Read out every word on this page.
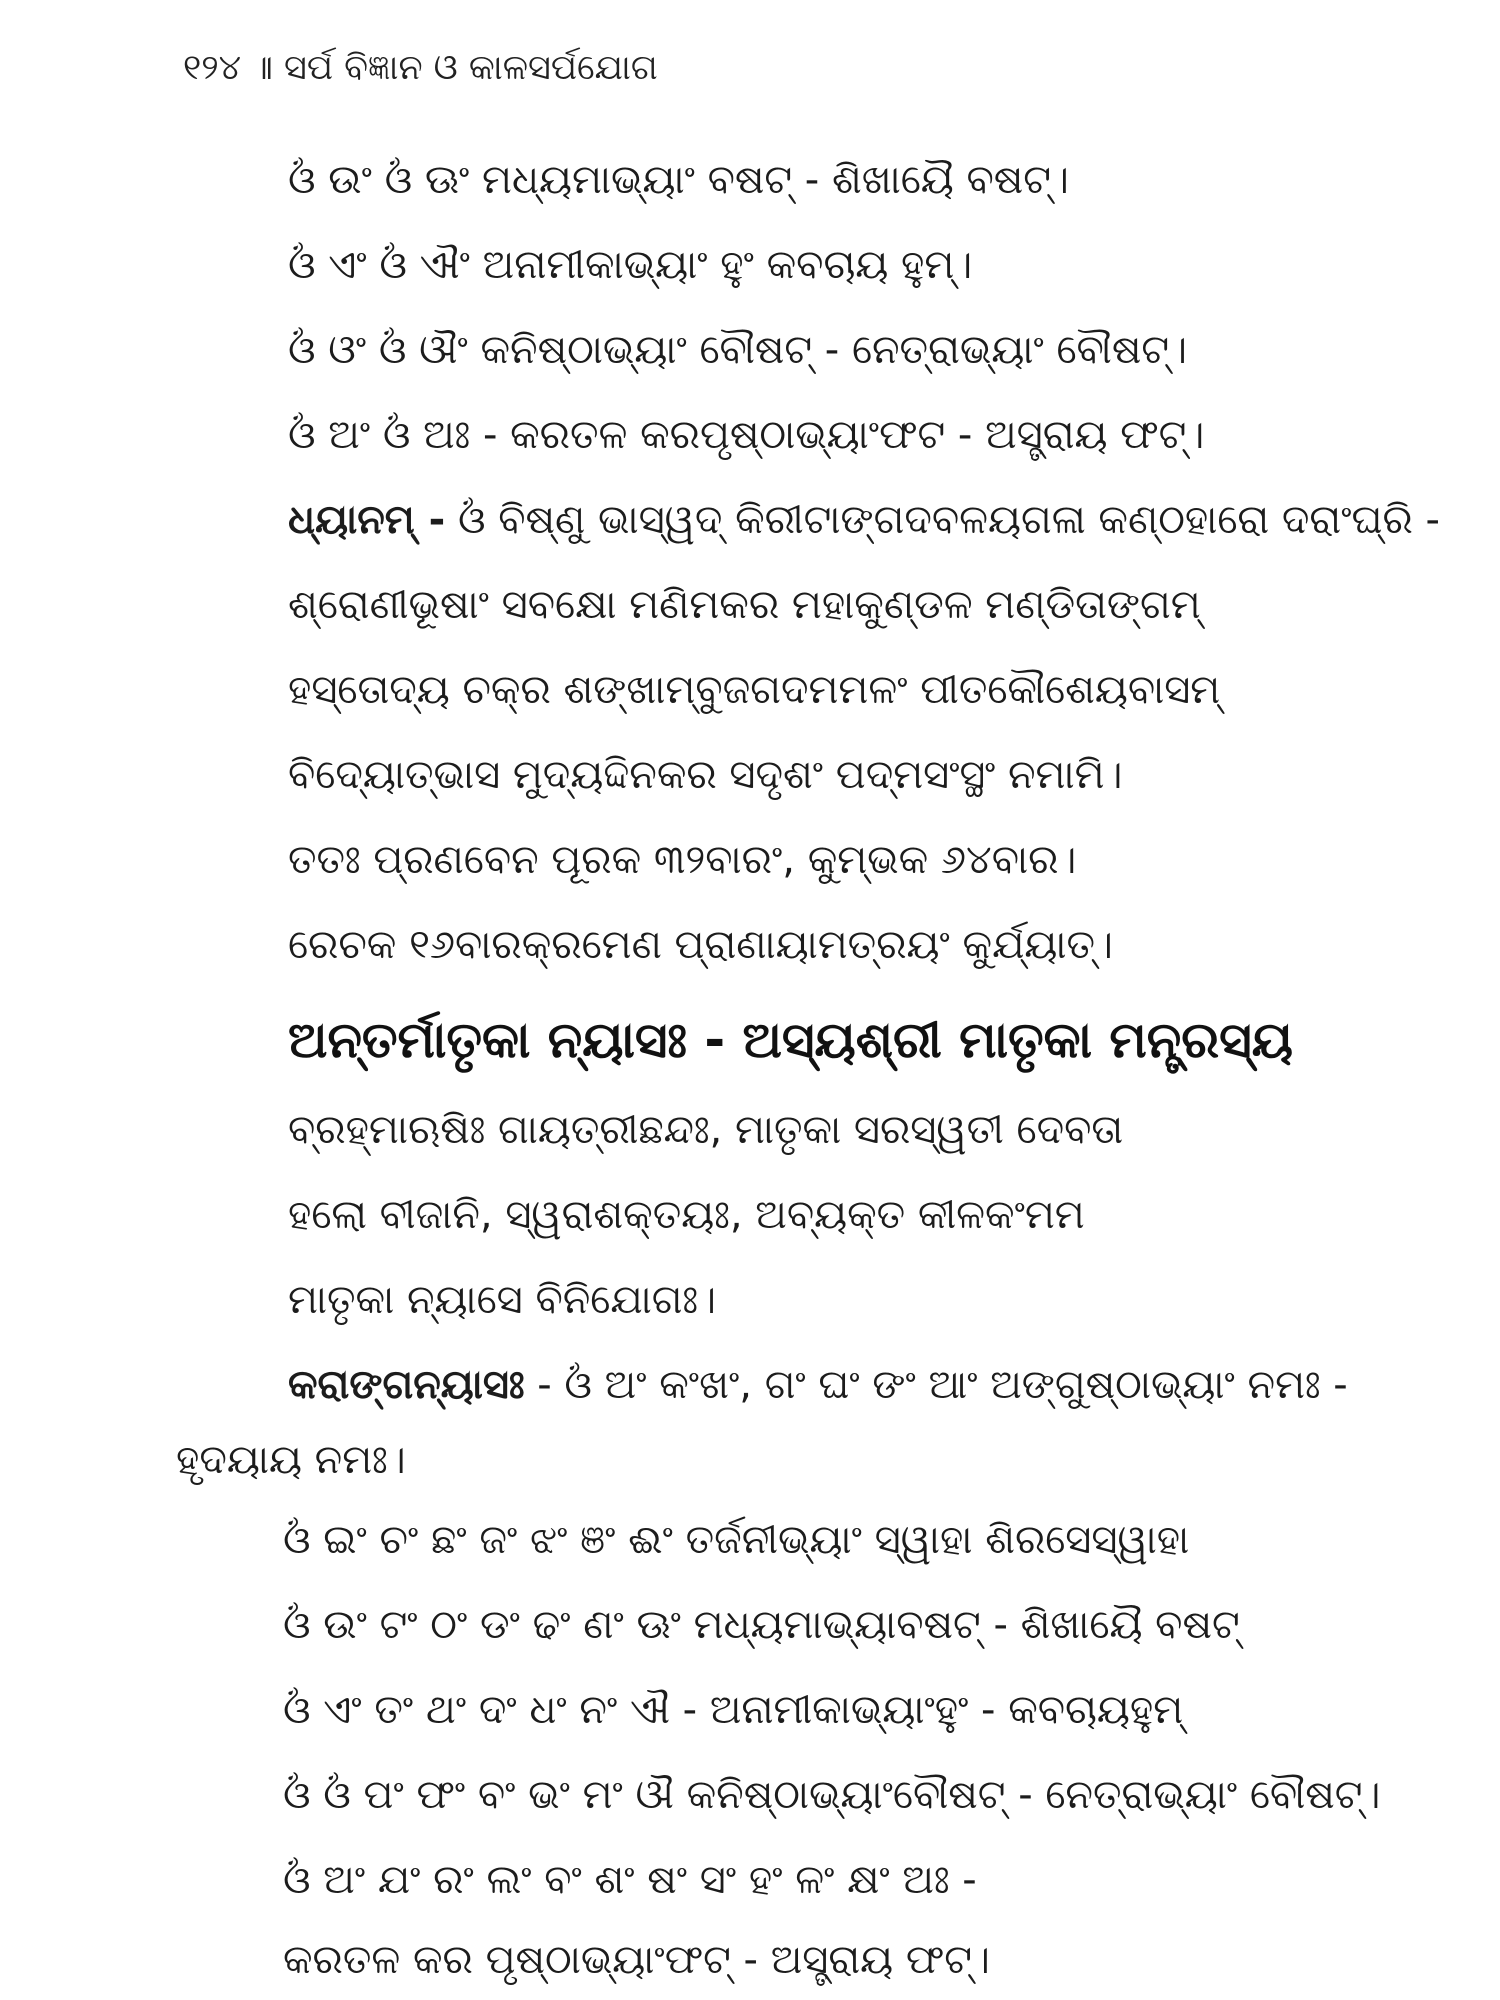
୧୨୪ ॥ ସର୍ପ ବିଜ୍ଞାନ ଓ କାଳସର୍ପଯୋଗ
ଓଁ ଉଂ ଓଁ ଊଂ ମଧ୍ୟମାଭ୍ୟାଂ ବଷଟ୍ - ଶିଖାୟୈ ବଷଟ୍।
ଓଁ ଏଂ ଓଁ ଐଂ ଅନାମୀକାଭ୍ୟାଂ ହୁଂ କବଚାୟ ହୁମ୍।
ଓଁ ଓଂ ଓଁ ଔଂ କନିଷ୍ଠାଭ୍ୟାଂ ବୌଷଟ୍ - ନେତ୍ରାଭ୍ୟାଂ ବୌଷଟ୍।
ଓଁ ଅଂ ଓଁ ଅଃ - କରତଳ କରପୃଷ୍ଠାଭ୍ୟାଂଫଟ - ଅସ୍ତ୍ରାୟ ଫଟ୍।
ଧ୍ୟାନମ୍ - ଓଁ ବିଷ୍ଣୁ ଭାସ୍ୱଦ୍ କିରୀଟାଙ୍ଗଦବଳୟଗଳା କଣ୍ଠହାରୋ ଦରାଂଘ୍ରି -
ଶ୍ରୋଣୀଭୂଷାଂ ସବକ୍ଷୋ ମଣିମକର ମହାକୁଣ୍ଡଳ ମଣ୍ଡିତାଙ୍ଗମ୍
ହସ୍ତୋଦ୍ୟ ଚକ୍ର ଶଙ୍ଖାମ୍ବୁଜଗଦମମଳଂ ପୀତକୌଶେୟବାସମ୍
ବିଦ୍ୟୋତ୍ଭାସ ମୁଦ୍ୟଦ୍ଦିନକର ସଦୃଶଂ ପଦ୍ମସଂସ୍ଥଂ ନମାମି।
ତତଃ ପ୍ରଣବେନ ପୂରକ ୩୨ବାରଂ, କୁମ୍ଭକ ୬୪ବାର।
ରେଚକ ୧୬ବାରକ୍ରମେଣ ପ୍ରାଣାୟାମତ୍ରୟଂ କୁର୍ଯ୍ୟାତ୍।
ଅନ୍ତର୍ମାତୃକା ନ୍ୟାସଃ - ଅସ୍ୟଶ୍ରୀ ମାତୃକା ମନ୍ତ୍ରସ୍ୟ
ବ୍ରହ୍ମାଋଷିଃ ଗାୟତ୍ରୀଛନ୍ଦଃ, ମାତୃକା ସରସ୍ୱତୀ ଦେବତା
ହଲୋ ବୀଜାନି, ସ୍ୱରାଶକ୍ତୟଃ, ଅବ୍ୟକ୍ତ କୀଳକଂମମ
ମାତୃକା ନ୍ୟାସେ ବିନିଯୋଗଃ।
କରାଙ୍ଗନ୍ୟାସଃ - ଓଁ ଅଂ କଂଖଂ, ଗଂ ଘଂ ଙଂ ଆଂ ଅଙ୍ଗୁଷ୍ଠାଭ୍ୟାଂ ନମଃ -
ହୃଦୟାୟ ନମଃ।
ଓଁ ଇଂ ଚଂ ଛଂ ଜଂ ଝଂ ଞଂ ଈଂ ତର୍ଜନୀଭ୍ୟାଂ ସ୍ୱାହା ଶିରସେସ୍ୱାହା
ଓଁ ଉଂ ଟଂ ଠଂ ଡଂ ଢଂ ଣଂ ଊଂ ମଧ୍ୟମାଭ୍ୟାବଷଟ୍ - ଶିଖାୟୈ ବଷଟ୍
ଓଁ ଏଂ ତଂ ଥଂ ଦଂ ଧଂ ନଂ ଐ - ଅନାମୀକାଭ୍ୟାଂହୁଂ - କବଚାୟହୁମ୍
ଓଁ ଓଁ ପଂ ଫଂ ବଂ ଭଂ ମଂ ଔ କନିଷ୍ଠାଭ୍ୟାଂବୌଷଟ୍ - ନେତ୍ରାଭ୍ୟାଂ ବୌଷଟ୍।
ଓଁ ଅଂ ଯଂ ରଂ ଲଂ ବଂ ଶଂ ଷଂ ସଂ ହଂ ଳଂ କ୍ଷଂ ଅଃ -
କରତଳ କର ପୃଷ୍ଠାଭ୍ୟାଂଫଟ୍ - ଅସ୍ତ୍ରାୟ ଫଟ୍।
